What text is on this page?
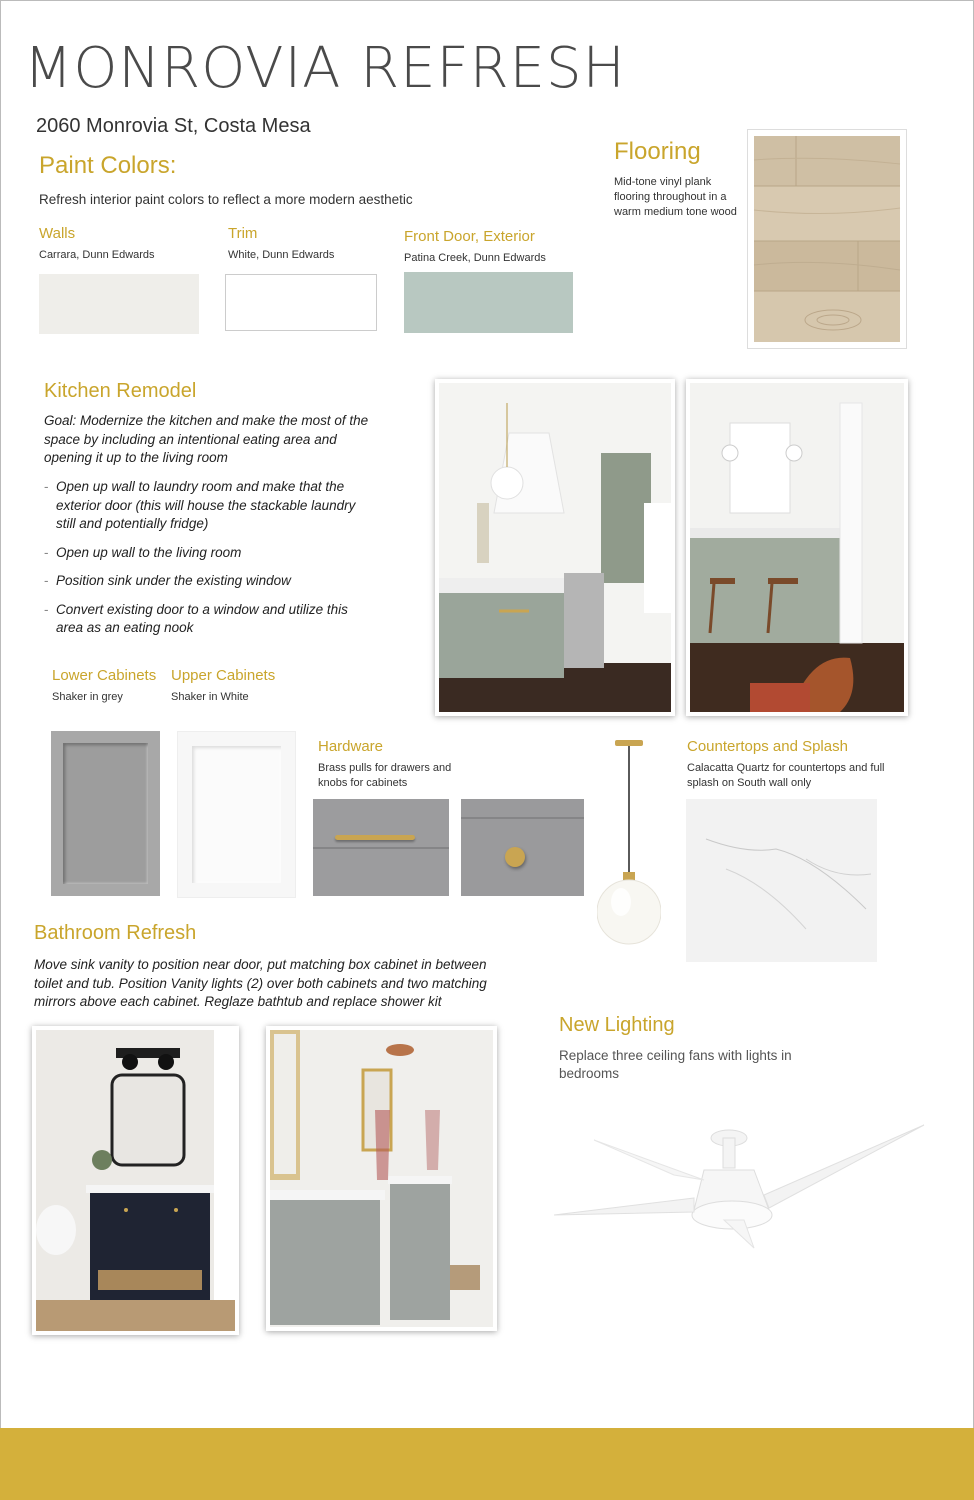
MONROVIA REFRESH
2060 Monrovia St, Costa Mesa
Paint Colors:
Refresh interior paint colors to reflect a more modern aesthetic
Walls
Carrara, Dunn Edwards
Trim
White, Dunn Edwards
Front Door, Exterior
Patina Creek, Dunn Edwards
Flooring
Mid-tone vinyl plank flooring throughout in a warm medium tone wood
Kitchen Remodel
Goal: Modernize the kitchen and make the most of the space by including an intentional eating area and opening it up to the living room
- Open up wall to laundry room and make that the exterior door (this will house the stackable laundry still and potentially fridge)
- Open up wall to the living room
- Position sink under the existing window
- Convert existing door to a window and utilize this area as an eating nook
Lower Cabinets
Shaker in grey
Upper Cabinets
Shaker in White
Hardware
Brass pulls for drawers and knobs for cabinets
Countertops and Splash
Calacatta Quartz for countertops and full splash on South wall only
Bathroom Refresh
Move sink vanity to position near door, put matching box cabinet in between toilet and tub. Position Vanity lights (2) over both cabinets and two matching mirrors above each cabinet. Reglaze bathtub and replace shower kit
New Lighting
Replace three ceiling fans with lights in bedrooms
